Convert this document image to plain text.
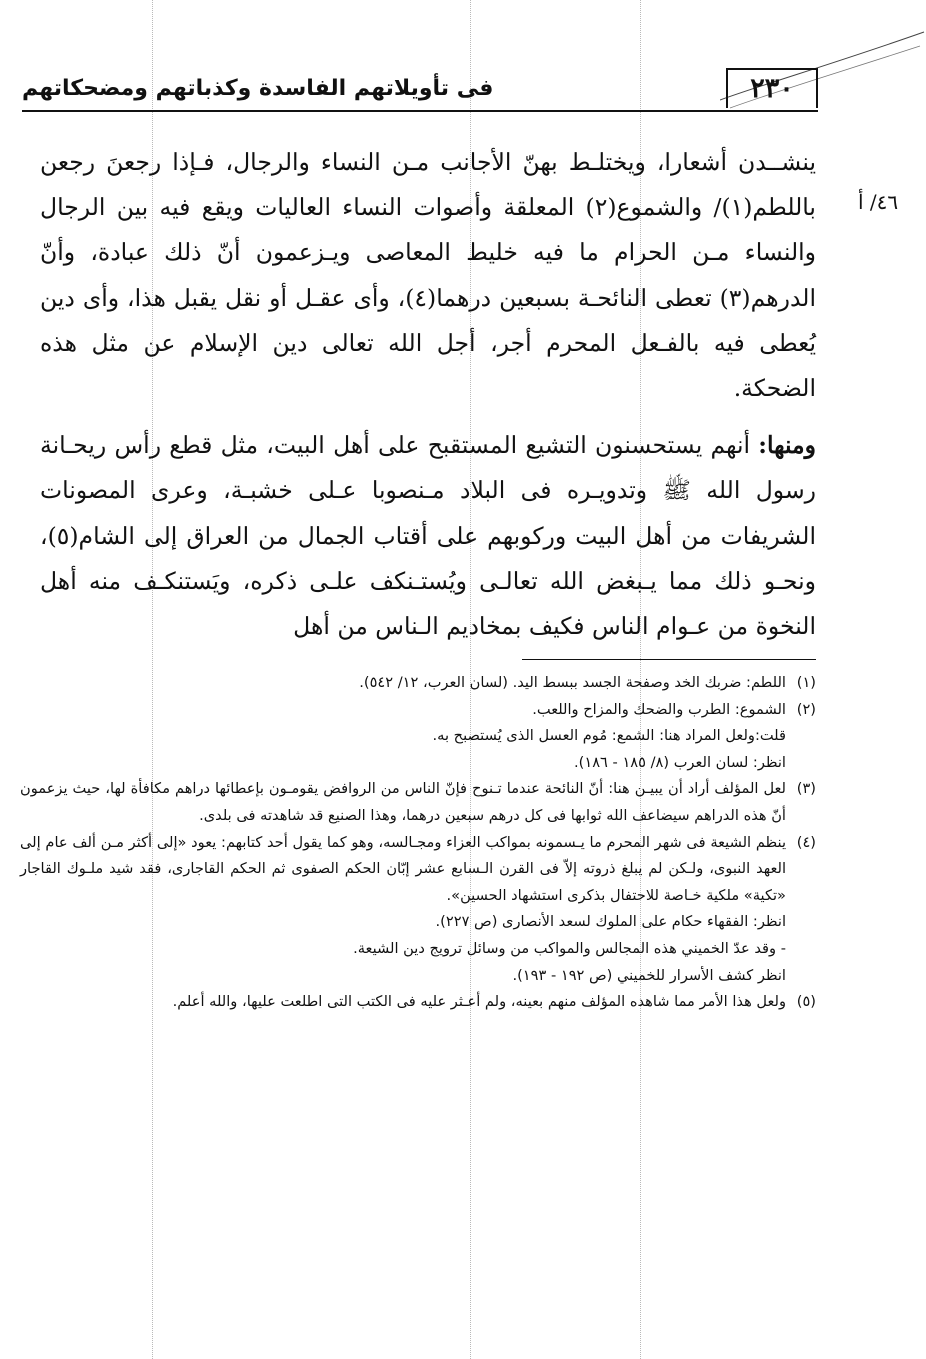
٢٣٠
فى تأويلاتهم الفاسدة وكذباتهم ومضحكاتهم
٤٦/ أ

ينشــدن أشعارا، ويختلـط بهنّ الأجانب مـن النساء والرجال، فـإذا رجعنَ رجعن باللطم(١)/ والشموع(٢) المعلقة وأصوات النساء العاليات ويقع فيه بين الرجال والنساء مـن الحرام ما فيه خليط المعاصى ويـزعمون أنّ ذلك عبادة، وأنّ الدرهم(٣) تعطى النائحـة بسبعين درهما(٤)، وأى عقـل أو نقل يقبل هذا، وأى دين يُعطى فيه بالفـعل المحرم أجر، أجل الله تعالى دين الإسلام عن مثل هذه الضحكة.

ومنها: أنهم يستحسنون التشيع المستقبح على أهل البيت، مثل قطع رأس ريحـانة رسول الله ﷺ وتدويـره فى البلاد مـنصوبا عـلى خشبـة، وعرى المصونات الشريفات من أهل البيت وركوبهم على أقتاب الجمال من العراق إلى الشام(٥)، ونحـو ذلك مما يـبغض الله تعالـى ويُستـنكف علـى ذكره، ويَستنكـف منه أهل النخوة من عـوام الناس فكيف بمخاديم الـناس من أهل

(١)
اللطم: ضربك الخد وصفحة الجسد ببسط اليد. (لسان العرب، ١٢/ ٥٤٢).

(٢)
الشموع: الطرب والضحك والمزاح واللعب.

قلت:ولعل المراد هنا: الشمع: مُوم العسل الذى يُستصبح به.

انظر: لسان العرب (٨/ ١٨٥ - ١٨٦).

(٣)
لعل المؤلف أراد أن يبيـن هنا: أنّ النائحة عندما تـنوح فإنّ الناس من الروافض يقومـون بإعطائها دراهم مكافأة لها، حيث يزعمون أنّ هذه الدراهم سيضاعف الله ثوابها فى كل درهم سبعين درهما، وهذا الصنيع قد شاهدته فى بلدى.

(٤)
ينظم الشيعة فى شهر المحرم ما يـسمونه بمواكب العزاء ومجـالسه، وهو كما يقول أحد كتابهم: يعود «إلى أكثر مـن ألف عام إلى العهد النبوى، ولـكن لم يبلغ ذروته إلاّ فى القرن الـسابع عشر إبّان الحكم الصفوى ثم الحكم القاجارى، فقد شيد ملـوك القاجار «تكية» ملكية خـاصة للاحتفال بذكرى استشهاد الحسين».

انظر: الفقهاء حكام على الملوك لسعد الأنصارى (ص ٢٢٧).

- وقد عدّ الخميني هذه المجالس والمواكب من وسائل ترويج دين الشيعة.

انظر كشف الأسرار للخميني (ص ١٩٢ - ١٩٣).

(٥)
ولعل هذا الأمر مما شاهده المؤلف منهم بعينه، ولم أعـثر عليه فى الكتب التى اطلعت عليها، والله أعلم.
